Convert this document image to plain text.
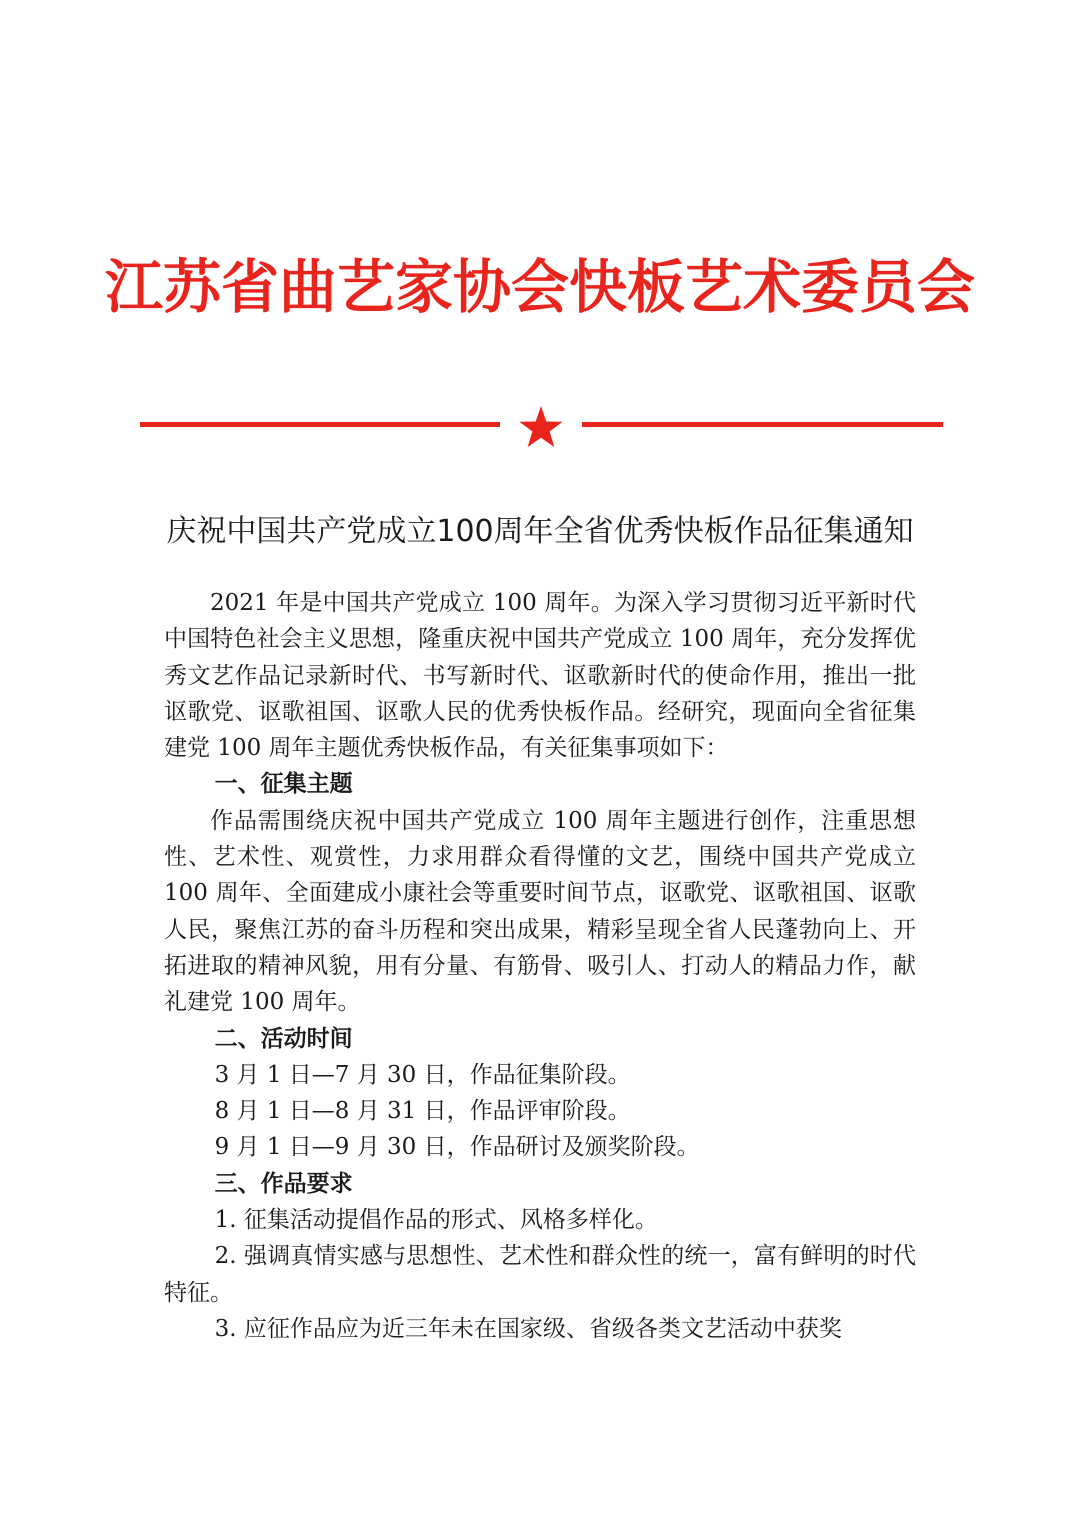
江苏省曲艺家协会快板艺术委员会
庆祝中国共产党成立100周年全省优秀快板作品征集通知

2021 年是中国共产党成立 100 周年。为深入学习贯彻习近平新时代中国特色社会主义思想，隆重庆祝中国共产党成立 100 周年，充分发挥优秀文艺作品记录新时代、书写新时代、讴歌新时代的使命作用，推出一批讴歌党、讴歌祖国、讴歌人民的优秀快板作品。经研究，现面向全省征集建党 100 周年主题优秀快板作品，有关征集事项如下：

一、征集主题

作品需围绕庆祝中国共产党成立 100 周年主题进行创作，注重思想性、艺术性、观赏性，力求用群众看得懂的文艺，围绕中国共产党成立 100 周年、全面建成小康社会等重要时间节点，讴歌党、讴歌祖国、讴歌人民，聚焦江苏的奋斗历程和突出成果，精彩呈现全省人民蓬勃向上、开拓进取的精神风貌，用有分量、有筋骨、吸引人、打动人的精品力作，献礼建党 100 周年。

二、活动时间

3 月 1 日—7 月 30 日，作品征集阶段。

8 月 1 日—8 月 31 日，作品评审阶段。

9 月 1 日—9 月 30 日，作品研讨及颁奖阶段。

三、作品要求

1. 征集活动提倡作品的形式、风格多样化。

2. 强调真情实感与思想性、艺术性和群众性的统一，富有鲜明的时代特征。

3. 应征作品应为近三年未在国家级、省级各类文艺活动中获奖
